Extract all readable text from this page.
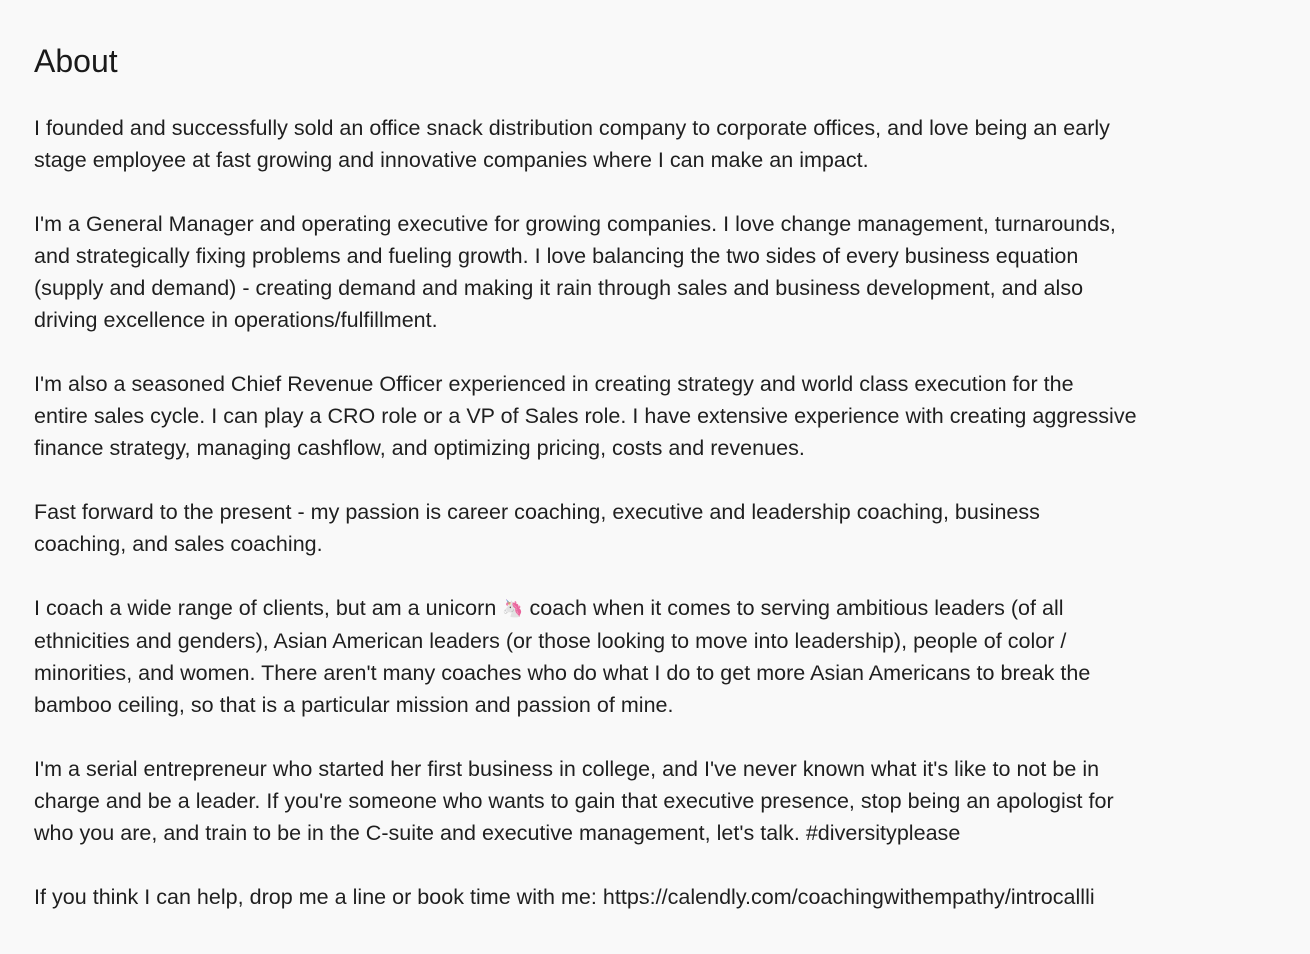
About

I founded and successfully sold an office snack distribution company to corporate offices, and love being an early
stage employee at fast growing and innovative companies where I can make an impact.

I'm a General Manager and operating executive for growing companies. I love change management, turnarounds,
and strategically fixing problems and fueling growth. I love balancing the two sides of every business equation
(supply and demand) - creating demand and making it rain through sales and business development, and also
driving excellence in operations/fulfillment.

I'm also a seasoned Chief Revenue Officer experienced in creating strategy and world class execution for the
entire sales cycle. I can play a CRO role or a VP of Sales role. I have extensive experience with creating aggressive
finance strategy, managing cashflow, and optimizing pricing, costs and revenues.

Fast forward to the present - my passion is career coaching, executive and leadership coaching, business
coaching, and sales coaching.

I coach a wide range of clients, but am a unicorn 🦄 coach when it comes to serving ambitious leaders (of all
ethnicities and genders), Asian American leaders (or those looking to move into leadership), people of color /
minorities, and women. There aren't many coaches who do what I do to get more Asian Americans to break the
bamboo ceiling, so that is a particular mission and passion of mine.

I'm a serial entrepreneur who started her first business in college, and I've never known what it's like to not be in
charge and be a leader. If you're someone who wants to gain that executive presence, stop being an apologist for
who you are, and train to be in the C-suite and executive management, let's talk. #diversityplease

If you think I can help, drop me a line or book time with me: https://calendly.com/coachingwithempathy/introcallli
